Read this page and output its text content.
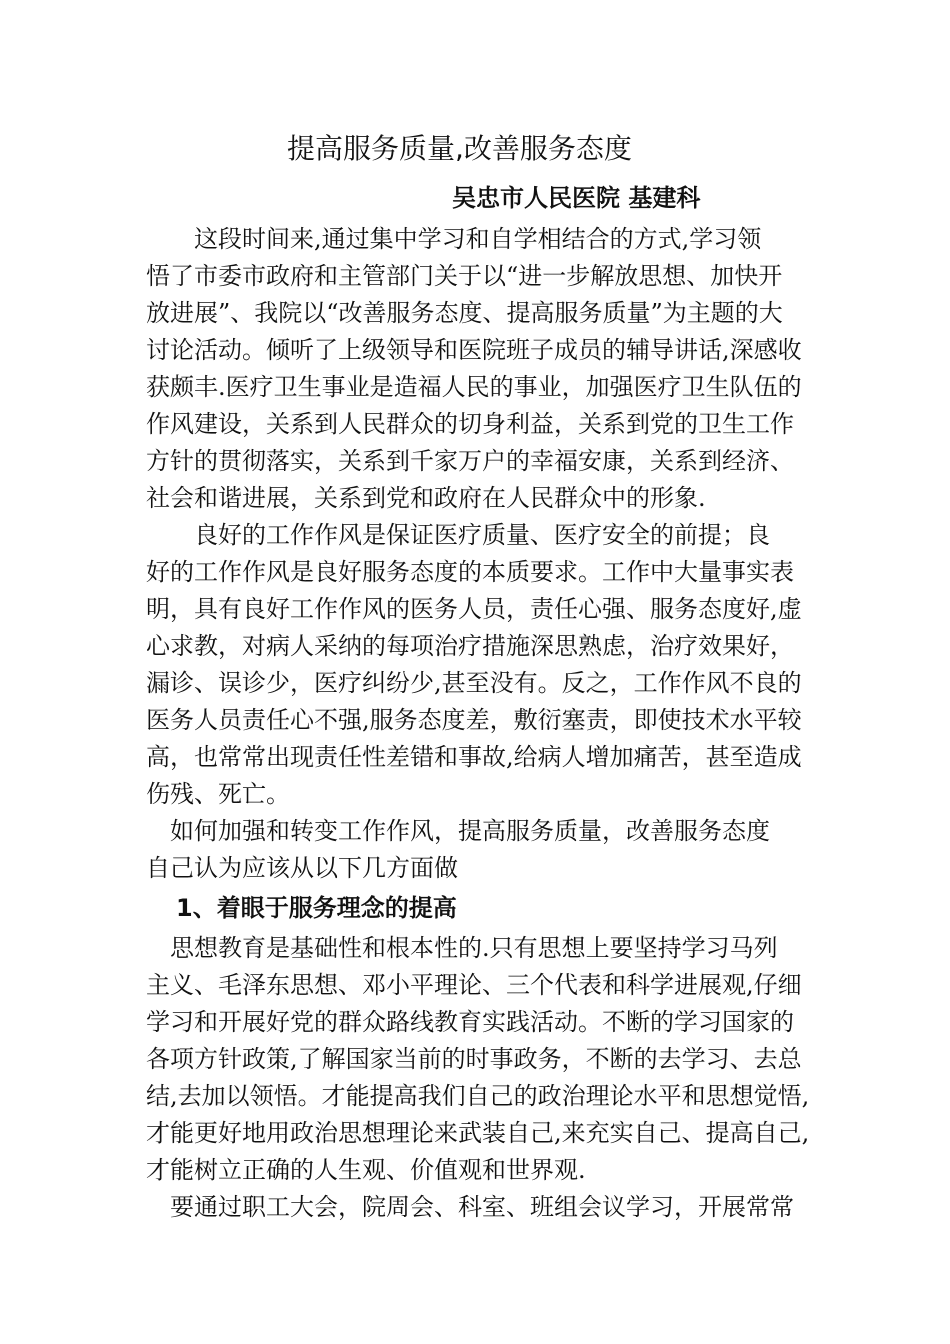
提高服务质量,改善服务态度
吴忠市人民医院 基建科
　　这段时间来,通过集中学习和自学相结合的方式,学习领
悟了市委市政府和主管部门关于以“进一步解放思想、加快开
放进展”、我院以“改善服务态度、提高服务质量”为主题的大
讨论活动。倾听了上级领导和医院班子成员的辅导讲话,深感收
获颇丰.医疗卫生事业是造福人民的事业，加强医疗卫生队伍的
作风建设，关系到人民群众的切身利益，关系到党的卫生工作
方针的贯彻落实，关系到千家万户的幸福安康，关系到经济、
社会和谐进展，关系到党和政府在人民群众中的形象.
　　良好的工作作风是保证医疗质量、医疗安全的前提；良
好的工作作风是良好服务态度的本质要求。工作中大量事实表
明，具有良好工作作风的医务人员，责任心强、服务态度好,虚
心求教，对病人采纳的每项治疗措施深思熟虑，治疗效果好，
漏诊、误诊少，医疗纠纷少,甚至没有。反之，工作作风不良的
医务人员责任心不强,服务态度差，敷衍塞责，即使技术水平较
高，也常常出现责任性差错和事故,给病人增加痛苦，甚至造成
伤残、死亡。
　如何加强和转变工作作风，提高服务质量，改善服务态度
自己认为应该从以下几方面做
1、着眼于服务理念的提高
　思想教育是基础性和根本性的.只有思想上要坚持学习马列
主义、毛泽东思想、邓小平理论、三个代表和科学进展观,仔细
学习和开展好党的群众路线教育实践活动。不断的学习国家的
各项方针政策,了解国家当前的时事政务，不断的去学习、去总
结,去加以领悟。才能提高我们自己的政治理论水平和思想觉悟,
才能更好地用政治思想理论来武装自己,来充实自己、提高自己,
才能树立正确的人生观、价值观和世界观.
　要通过职工大会，院周会、科室、班组会议学习，开展常常
